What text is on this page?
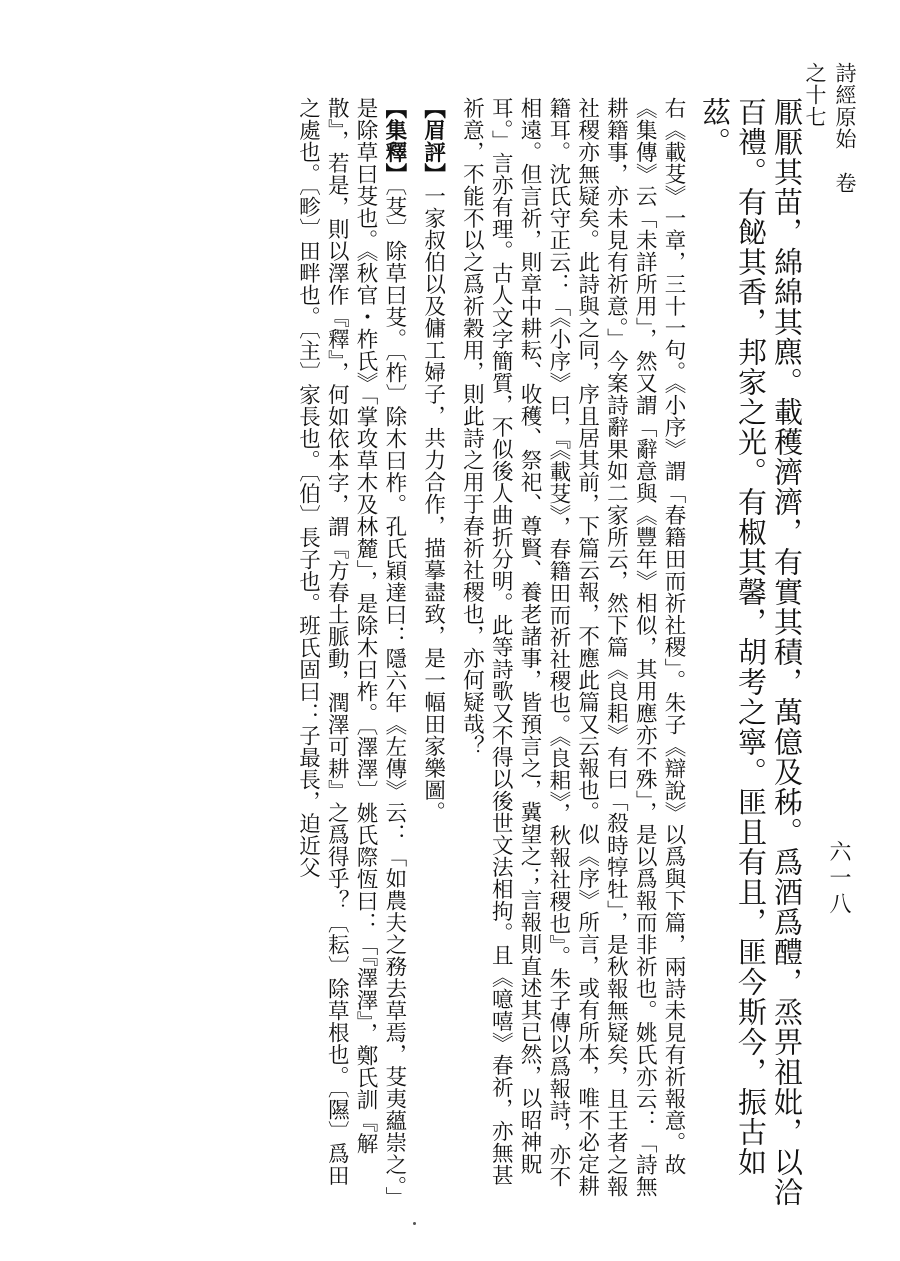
詩經原始　卷之十七
六一八
厭厭其苗，綿綿其麃。載穫濟濟，有實其積，萬億及秭。爲酒爲醴，烝畀祖妣，以洽百禮。有飶其香，邦家之光。有椒其馨，胡考之寧。匪且有且，匪今斯今，振古如茲。
右《載芟》一章，三十一句。《小序》謂「春籍田而祈社稷」。朱子《辯說》以爲與下篇，兩詩未見有祈報意。故《集傳》云「未詳所用」，然又謂「辭意與《豐年》相似，其用應亦不殊」，是以爲報而非祈也。姚氏亦云：「詩無耕籍事，亦未見有祈意。」今案詩辭果如二家所云，然下篇《良耜》有曰「殺時犉牡」，是秋報無疑矣，且王者之報社稷亦無疑矣。此詩與之同，序且居其前，下篇云報，不應此篇又云報也。似《序》所言，或有所本，唯不必定耕籍耳。沈氏守正云：「《小序》曰，『《載芟》，春籍田而祈社稷也。《良耜》，秋報社稷也』。朱子傳以爲報詩，亦不相遠。但言祈，則章中耕耘、收穫、祭祀、尊賢、養老諸事，皆預言之，冀望之；言報則直述其已然，以昭神貺耳。」言亦有理。古人文字簡質，不似後人曲折分明。此等詩歌又不得以後世文法相拘。且《噫嘻》春祈，亦無甚祈意，不能不以之爲祈穀用，則此詩之用于春祈社稷也，亦何疑哉？
【眉評】一家叔伯以及傭工婦子，共力合作，描摹盡致，是一幅田家樂圖。
【集釋】〔芟〕除草曰芟。〔柞〕除木曰柞。孔氏穎達曰：隱六年《左傳》云：「如農夫之務去草焉，芟夷蘊崇之。」是除草曰芟也。《秋官・柞氏》「掌攻草木及林麓」，是除木曰柞。〔澤澤〕姚氏際恆曰：「『澤澤』，鄭氏訓『解散』，若是，則以澤作『釋』，何如依本字，謂『方春土脈動，潤澤可耕』之爲得乎？〔耘〕除草根也。〔隰〕爲田之處也。〔畛〕田畔也。〔主〕家長也。〔伯〕長子也。班氏固曰：子最長，迫近父
